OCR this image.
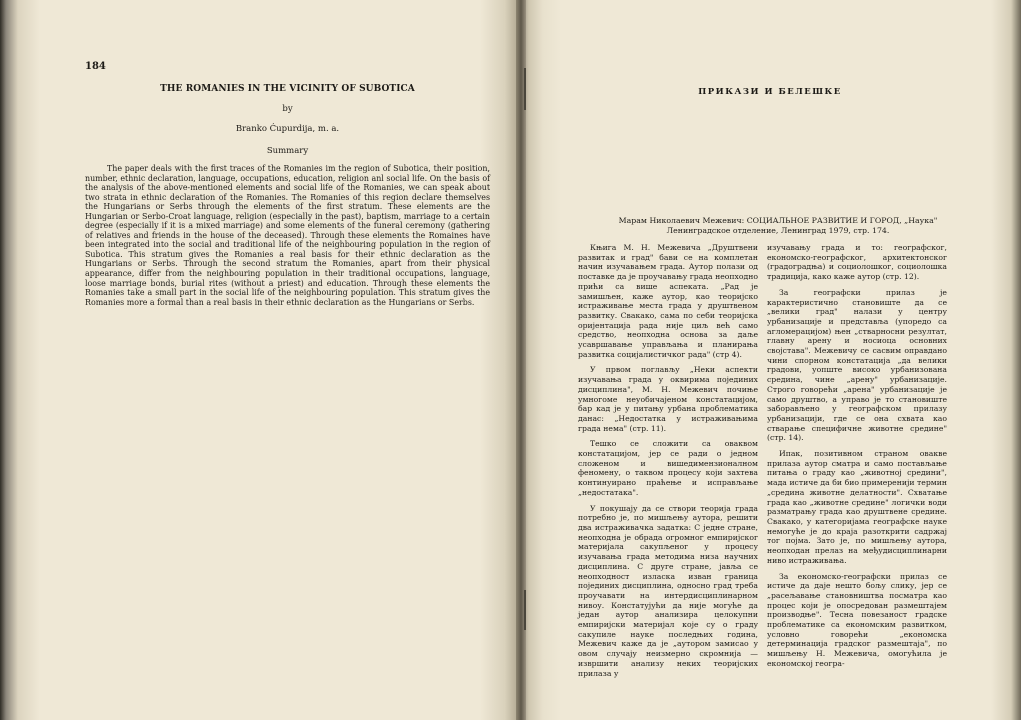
184
THE ROMANIES IN THE VICINITY OF SUBOTICA
by
Branko Ćupurdija, m. a.
Summary

The paper deals with the first traces of the Romanies im the region of Subotica, their position, number, ethnic declaration, language, occupations, education, religion anl social life. On the basis of the analysis of the above-mentioned elements and social life of the Romanies, we can speak about two strata in ethnic declaration of the Romanies. The Romanies of this region declare themselves the Hungarians or Serbs through the elements of the first stratum. These elements are the Hungarian or Serbo-Croat language, religion (especially in the past), baptism, marriage to a certain degree (especially if it is a mixed marriage) and some elements of the funeral ceremony (gathering of relatives and friends in the house of the deceased). Through these elements the Romaines have been integrated into the social and traditional life of the neighbouring population in the region of Subotica. This stratum gives the Romanies a real basis for their ethnic declaration as the Hungarians or Serbs. Through the second stratum the Romanies, apart from their physical appearance, differ from the neighbouring population in their traditional occupations, language, loose marriage bonds, burial rites (without a priest) and education. Through these elements the Romanies take a small part in the social life of the neighbouring population. This stratum gives the Romanies more a formal than a real basis in their ethnic declaration as the Hungarians or Serbs.

ПРИКАЗИ И БЕЛЕШКЕ
Марам Николаевич Межевич: СОЦИАЛЬНОЕ РАЗВИТИЕ И ГОРОД, „Наука"
Ленинградское отделение, Ленинград 1979, стр. 174.

Књига М. Н. Межевича „Друштвени развитак и град" бави се на комплетан начин изучавањем града. Аутор полази од поставке да је проучавању града неопходно прићи са више аспеката. „Рад је замишљен, каже аутор, као теоријско истраживање места града у друштвеном развитку. Свакако, сама по себи теоријска оријентација рада није циљ већ само средство, неопходна основа за даље усавршавање управљања и планирања развитка социјалистичког рада" (стр 4).

У првом поглављу „Неки аспекти изучавања града у оквирима појединих дисциплина", М. Н. Межевич почиње умногоме неуобичајеном констатацијом, бар кад је у питању урбана проблематика данас: „Недостатка у истраживањима града нема" (стр. 11).

Тешко се сложити са оваквом констатацијом, јер се ради о једном сложеном и вишедимензионалном феномену, о таквом процесу који захтева континуирано праћење и исправљање „недостатака".

У покушају да се створи теорија града потребно је, по мишљењу аутора, решити два истраживачка задатка: С једне стране, неопходна је обрада огромног емпиријског материјала сакупљеног у процесу изучавања града методима низа научних дисциплина. С друге стране, јавља се неопходност изласка изван граница појединих дисциплина, односно град треба проучавати на интердисциплинарном нивоу. Констатујући да није могуће да један аутор анализира целокупни емпиријски материјал које су о граду сакупиле науке последњих година, Межевич каже да је „аутором замисао у овом случају неизмерно скромнија — извршити анализу неких теоријских прилаза у

изучавању града и то: географског, економско-географског, архитектонског (градоградња) и социолошког, социолошка традиција, како каже аутор (стр. 12).

За географски прилаз је карактеристично становиште да се „велики град" налази у центру урбанизације и представља (упоредо са агломерацијом) њен „стварносни резултат, главну арену и носиоца основних својстава". Межевичу се сасвим оправдано чини спорном констатација „да велики градови, уопште високо урбанизована средина, чине „арену" урбанизације. Строго говорећи „арена" урбанизације је само друштво, а управо је то становиште заборављено у географском прилазу урбанизацији, где се она схвата као стварање специфичне животне средине" (стр. 14).

Ипак, позитивном страном овакве прилаза аутор сматра и само постављање питања о граду као „животној средини", мада истиче да би био примеренији термин „средина животне делатности". Схватање града као „животне средине" логички води разматрању града као друштвене средине. Свакако, у категоријама географске науке немогуће је до краја разоткрити садржај тог појма. Зато је, по мишљењу аутора, неопходан прелаз на међудисциплинарни ниво истраживања.

За економско-географски прилаз се истиче да даје нешто бољу слику, јер се „расељавање становништва посматра као процес који је опосредован размештајем производње". Тесна повезаност градске проблематике са економским развитком, условно говорећи „економска детерминација градског размештаја", по мишљењу Н. Межевича, омогућила је економској геогра-
